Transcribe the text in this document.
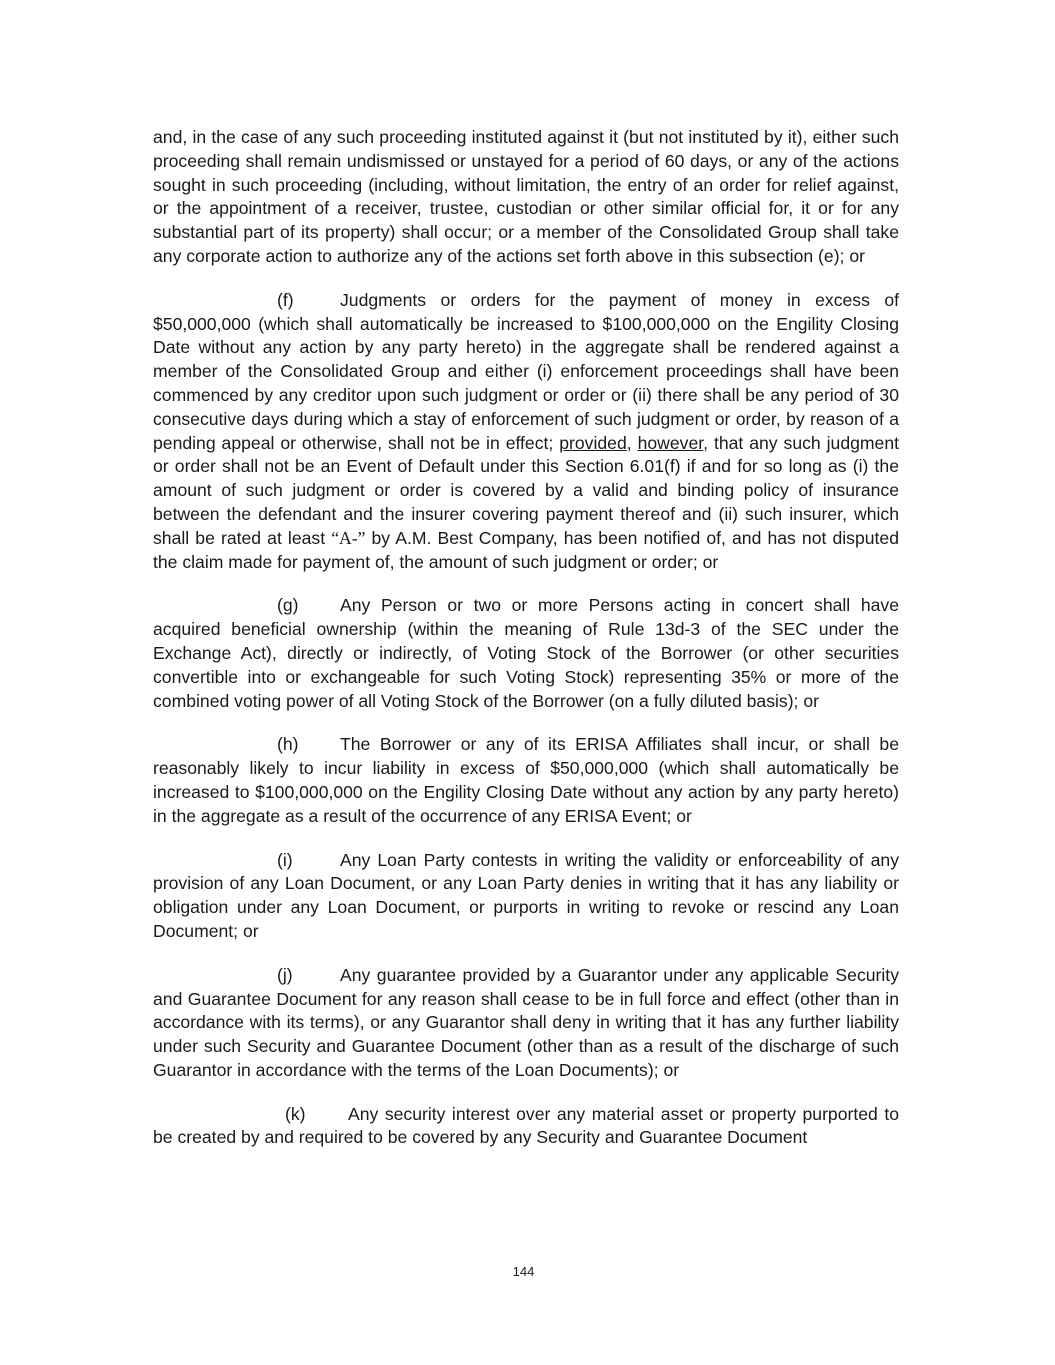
and, in the case of any such proceeding instituted against it (but not instituted by it), either such proceeding shall remain undismissed or unstayed for a period of 60 days, or any of the actions sought in such proceeding (including, without limitation, the entry of an order for relief against, or the appointment of a receiver, trustee, custodian or other similar official for, it or for any substantial part of its property) shall occur; or a member of the Consolidated Group shall take any corporate action to authorize any of the actions set forth above in this subsection (e); or

(f)	Judgments or orders for the payment of money in excess of $50,000,000 (which shall automatically be increased to $100,000,000 on the Engility Closing Date without any action by any party hereto) in the aggregate shall be rendered against a member of the Consolidated Group and either (i) enforcement proceedings shall have been commenced by any creditor upon such judgment or order or (ii) there shall be any period of 30 consecutive days during which a stay of enforcement of such judgment or order, by reason of a pending appeal or otherwise, shall not be in effect; provided, however, that any such judgment or order shall not be an Event of Default under this Section 6.01(f) if and for so long as (i) the amount of such judgment or order is covered by a valid and binding policy of insurance between the defendant and the insurer covering payment thereof and (ii) such insurer, which shall be rated at least “A-” by A.M. Best Company, has been notified of, and has not disputed the claim made for payment of, the amount of such judgment or order; or

(g) Any Person or two or more Persons acting in concert shall have acquired beneficial ownership (within the meaning of Rule 13d-3 of the SEC under the Exchange Act), directly or indirectly, of Voting Stock of the Borrower (or other securities convertible into or exchangeable for such Voting Stock) representing 35% or more of the combined voting power of all Voting Stock of the Borrower (on a fully diluted basis); or

(h) The Borrower or any of its ERISA Affiliates shall incur, or shall be reasonably likely to incur liability in excess of $50,000,000 (which shall automatically be increased to $100,000,000 on the Engility Closing Date without any action by any party hereto) in the aggregate as a result of the occurrence of any ERISA Event; or

(i)	Any Loan Party contests in writing the validity or enforceability of any provision of any Loan Document, or any Loan Party denies in writing that it has any liability or obligation under any Loan Document, or purports in writing to revoke or rescind any Loan Document; or

(j)	Any guarantee provided by a Guarantor under any applicable Security and Guarantee Document for any reason shall cease to be in full force and effect (other than in accordance with its terms), or any Guarantor shall deny in writing that it has any further liability under such Security and Guarantee Document (other than as a result of the discharge of such Guarantor in accordance with the terms of the Loan Documents); or

(k) Any security interest over any material asset or property purported to be created by and required to be covered by any Security and Guarantee Document

144
